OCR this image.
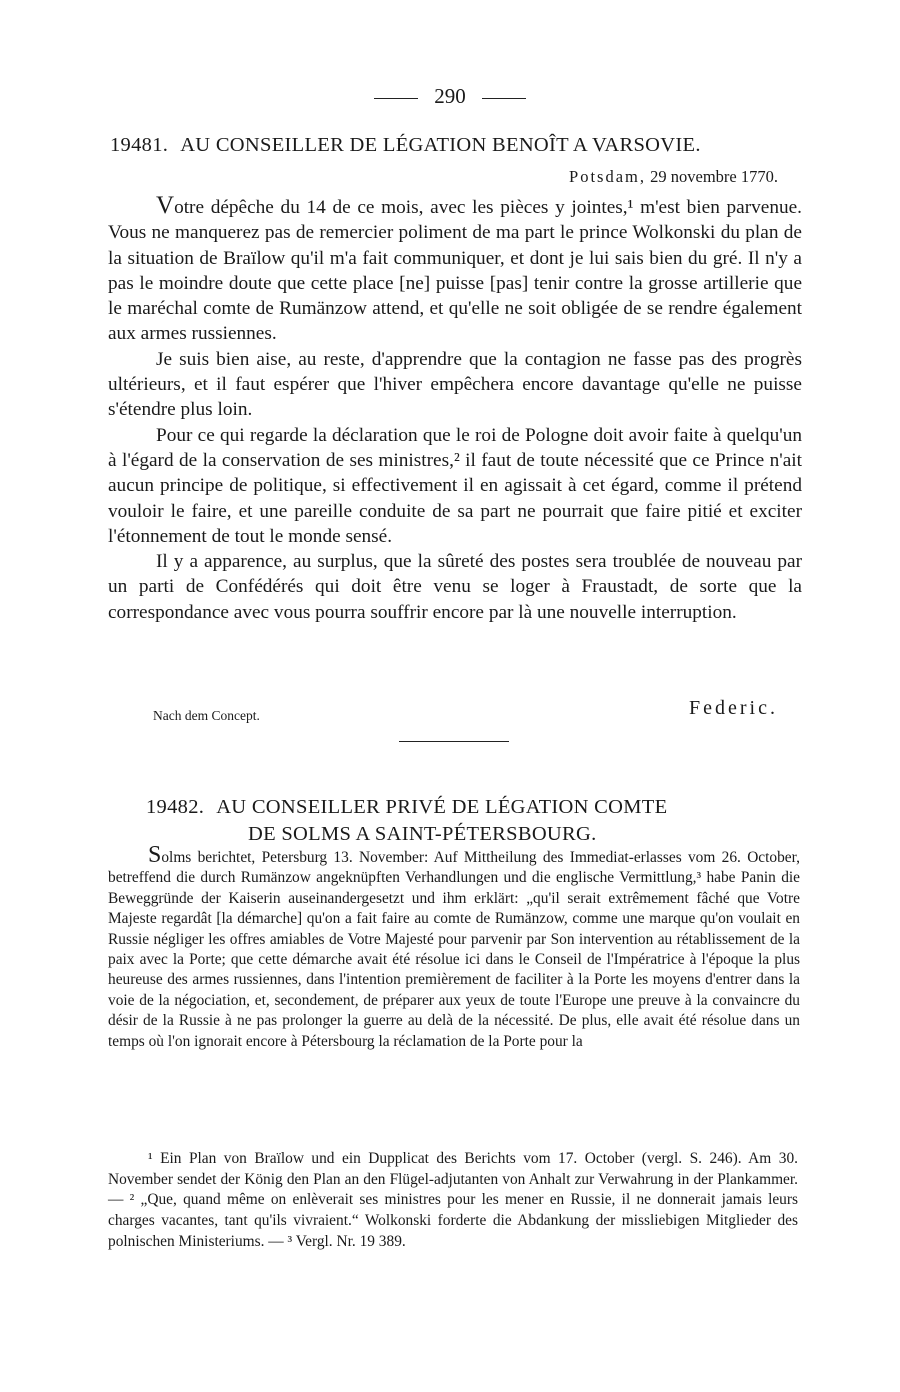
290
19481. AU CONSEILLER DE LÉGATION BENOÎT A VARSOVIE.
Potsdam, 29 novembre 1770.

Votre dépêche du 14 de ce mois, avec les pièces y jointes,¹ m'est bien parvenue. Vous ne manquerez pas de remercier poliment de ma part le prince Wolkonski du plan de la situation de Braïlow qu'il m'a fait communiquer, et dont je lui sais bien du gré. Il n'y a pas le moindre doute que cette place [ne] puisse [pas] tenir contre la grosse artillerie que le maréchal comte de Rumänzow attend, et qu'elle ne soit obligée de se rendre également aux armes russiennes.

Je suis bien aise, au reste, d'apprendre que la contagion ne fasse pas des progrès ultérieurs, et il faut espérer que l'hiver empêchera encore davantage qu'elle ne puisse s'étendre plus loin.

Pour ce qui regarde la déclaration que le roi de Pologne doit avoir faite à quelqu'un à l'égard de la conservation de ses ministres,² il faut de toute nécessité que ce Prince n'ait aucun principe de politique, si effectivement il en agissait à cet égard, comme il prétend vouloir le faire, et une pareille conduite de sa part ne pourrait que faire pitié et exciter l'étonnement de tout le monde sensé.

Il y a apparence, au surplus, que la sûreté des postes sera troublée de nouveau par un parti de Confédérés qui doit être venu se loger à Fraustadt, de sorte que la correspondance avec vous pourra souffrir encore par là une nouvelle interruption.

Nach dem Concept.	Federic.
19482. AU CONSEILLER PRIVÉ DE LÉGATION COMTE
DE SOLMS A SAINT-PÉTERSBOURG.

Solms berichtet, Petersburg 13. November: Auf Mittheilung des Immediat-erlasses vom 26. October, betreffend die durch Rumänzow angeknüpften Verhandlungen und die englische Vermittlung,³ habe Panin die Beweggründe der Kaiserin auseinandergesetzt und ihm erklärt: „qu'il serait extrêmement fâché que Votre Majeste regardât [la démarche] qu'on a fait faire au comte de Rumänzow, comme une marque qu'on voulait en Russie négliger les offres amiables de Votre Majesté pour parvenir par Son intervention au rétablissement de la paix avec la Porte; que cette démarche avait été résolue ici dans le Conseil de l'Impératrice à l'époque la plus heureuse des armes russiennes, dans l'intention premièrement de faciliter à la Porte les moyens d'entrer dans la voie de la négociation, et, secondement, de préparer aux yeux de toute l'Europe une preuve à la convaincre du désir de la Russie à ne pas prolonger la guerre au delà de la nécessité. De plus, elle avait été résolue dans un temps où l'on ignorait encore à Pétersbourg la réclamation de la Porte pour la

¹ Ein Plan von Braïlow und ein Dupplicat des Berichts vom 17. October (vergl. S. 246). Am 30. November sendet der König den Plan an den Flügel-adjutanten von Anhalt zur Verwahrung in der Plankammer. — ² „Que, quand même on enlèverait ses ministres pour les mener en Russie, il ne donnerait jamais leurs charges vacantes, tant qu'ils vivraient.“ Wolkonski forderte die Abdankung der missliebigen Mitglieder des polnischen Ministeriums. — ³ Vergl. Nr. 19 389.
